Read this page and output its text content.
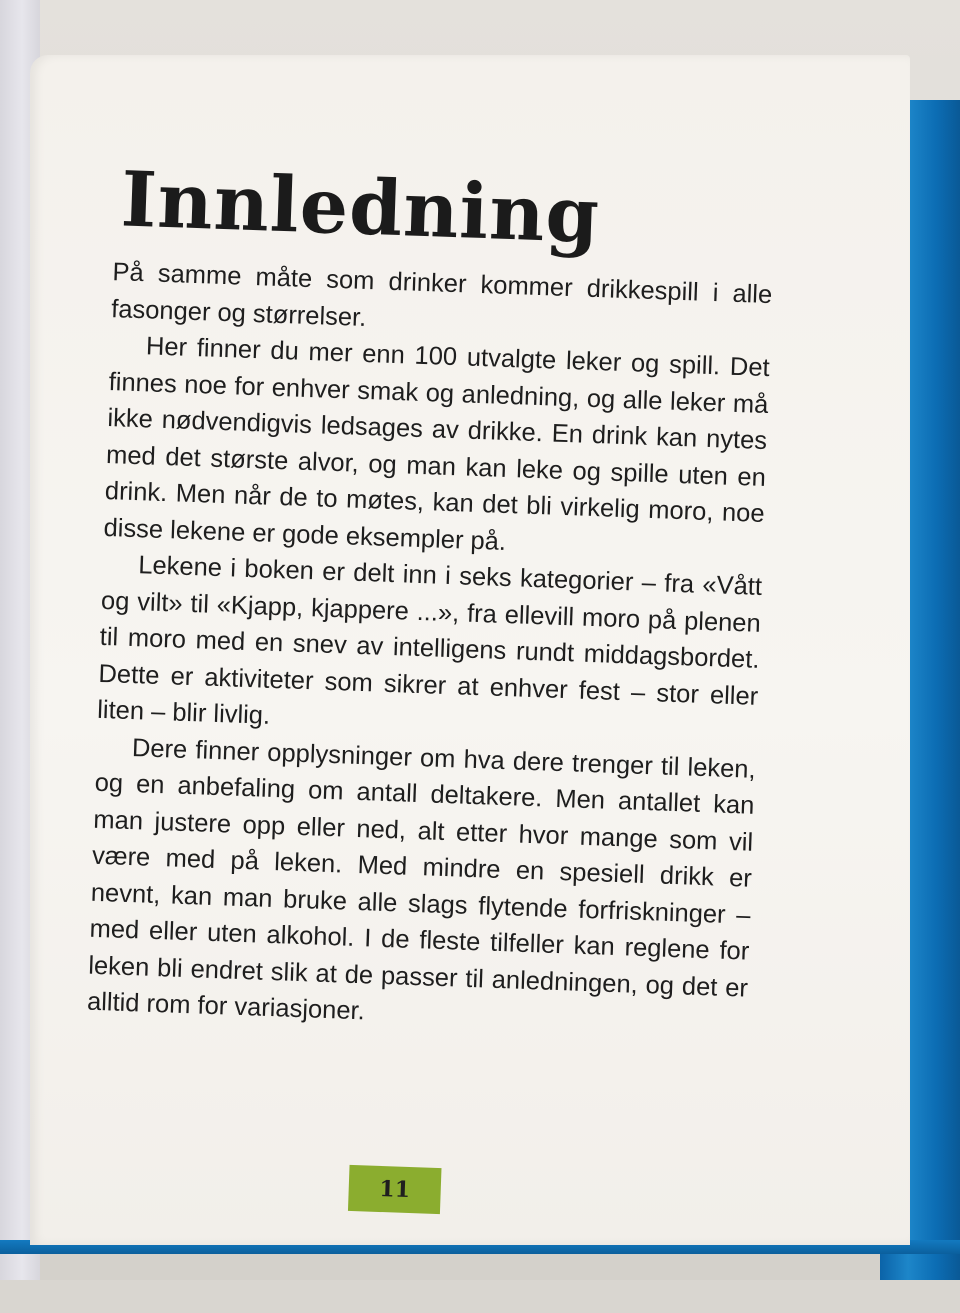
Innledning

På samme måte som drinker kommer drikkespill i alle fasonger og størrelser.

Her finner du mer enn 100 utvalgte leker og spill. Det finnes noe for enhver smak og anledning, og alle leker må ikke nødvendigvis ledsages av drikke. En drink kan nytes med det største alvor, og man kan leke og spille uten en drink. Men når de to møtes, kan det bli virkelig moro, noe disse lekene er gode eksempler på.

Lekene i boken er delt inn i seks kategorier – fra «Vått og vilt» til «Kjapp, kjappere ...», fra ellevill moro på plenen til moro med en snev av intelligens rundt middagsbordet. Dette er aktiviteter som sikrer at enhver fest – stor eller liten – blir livlig.

Dere finner opplysninger om hva dere trenger til leken, og en anbefaling om antall deltakere. Men antallet kan man justere opp eller ned, alt etter hvor mange som vil være med på leken. Med mindre en spesiell drikk er nevnt, kan man bruke alle slags flytende forfriskninger – med eller uten alkohol. I de fleste tilfeller kan reglene for leken bli endret slik at de passer til anledningen, og det er alltid rom for variasjoner.

11
